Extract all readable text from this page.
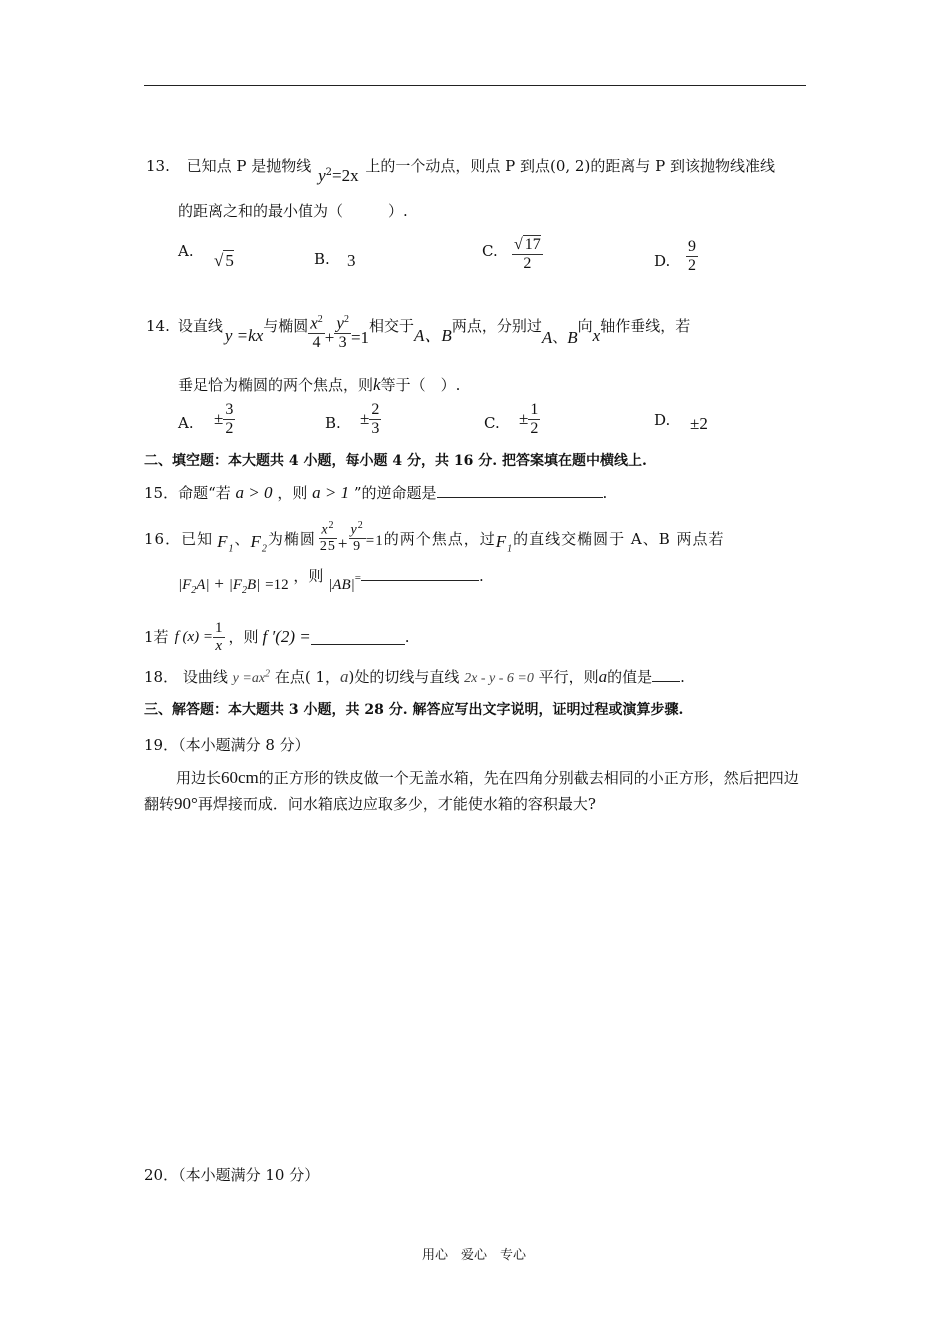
13. 已知点 P 是抛物线 $y^2=2x$ 上的一个动点，则点 P 到点(0, 2)的距离与 P 到该抛物线准线
的距离之和的最小值为（　　　）.
A. √ 5	B. 3	C. $\frac{√ 17}{2}$	D. $\frac{9}{2}$
14. 设直线 y =kx 与椭圆 $\frac{x^2}{4} + \frac{y^2}{3} =1$
相交于 A、B 两点，分别过
A 、 B
向 x 轴作垂线，若
垂足恰为椭圆的两个焦点，则k等于（　）.
A. ± $\frac{3}{2}$	B. ± $\frac{2}{3}$	C. ± $\frac{1}{2}$	D. ±2
二、填空题：本大题共 4 小题，每小题 4 分，共 16 分. 把答案填在题中横线上.
15．命题“若 a > 0 ，则 a > 1 ”的逆命题是	.
16． 已知 $F_1$
、 $F_2$
为椭圆 $\frac{x^2}{25} + \frac{y^2}{9} =1$ 的两个焦点，过 $F_1$
的直线交椭圆于 A、B 两点若
$|F_2A| + |F_2B| =12$ ，则 |AB|=	.
1 若 f $(x) = \frac{1}{x}$ ，则 f ′(2) =	.
18． 设曲线 $y =ax^2$ 在点( 1，a)处的切线与直线 2x - y - 6 =0 平行，则a的值是 .
三、解答题：本大题共 3 小题，共 28 分. 解答应写出文字说明，证明过程或演算步骤.
19．（本小题满分 8 分）
用边长60cm的正方形的铁皮做一个无盖水箱，先在四角分别截去相同的小正方形，然后把四边翻转90°再焊接而成．问水箱底边应取多少，才能使水箱的容积最大?
20．（本小题满分 10 分）
用心　爱心　专心
